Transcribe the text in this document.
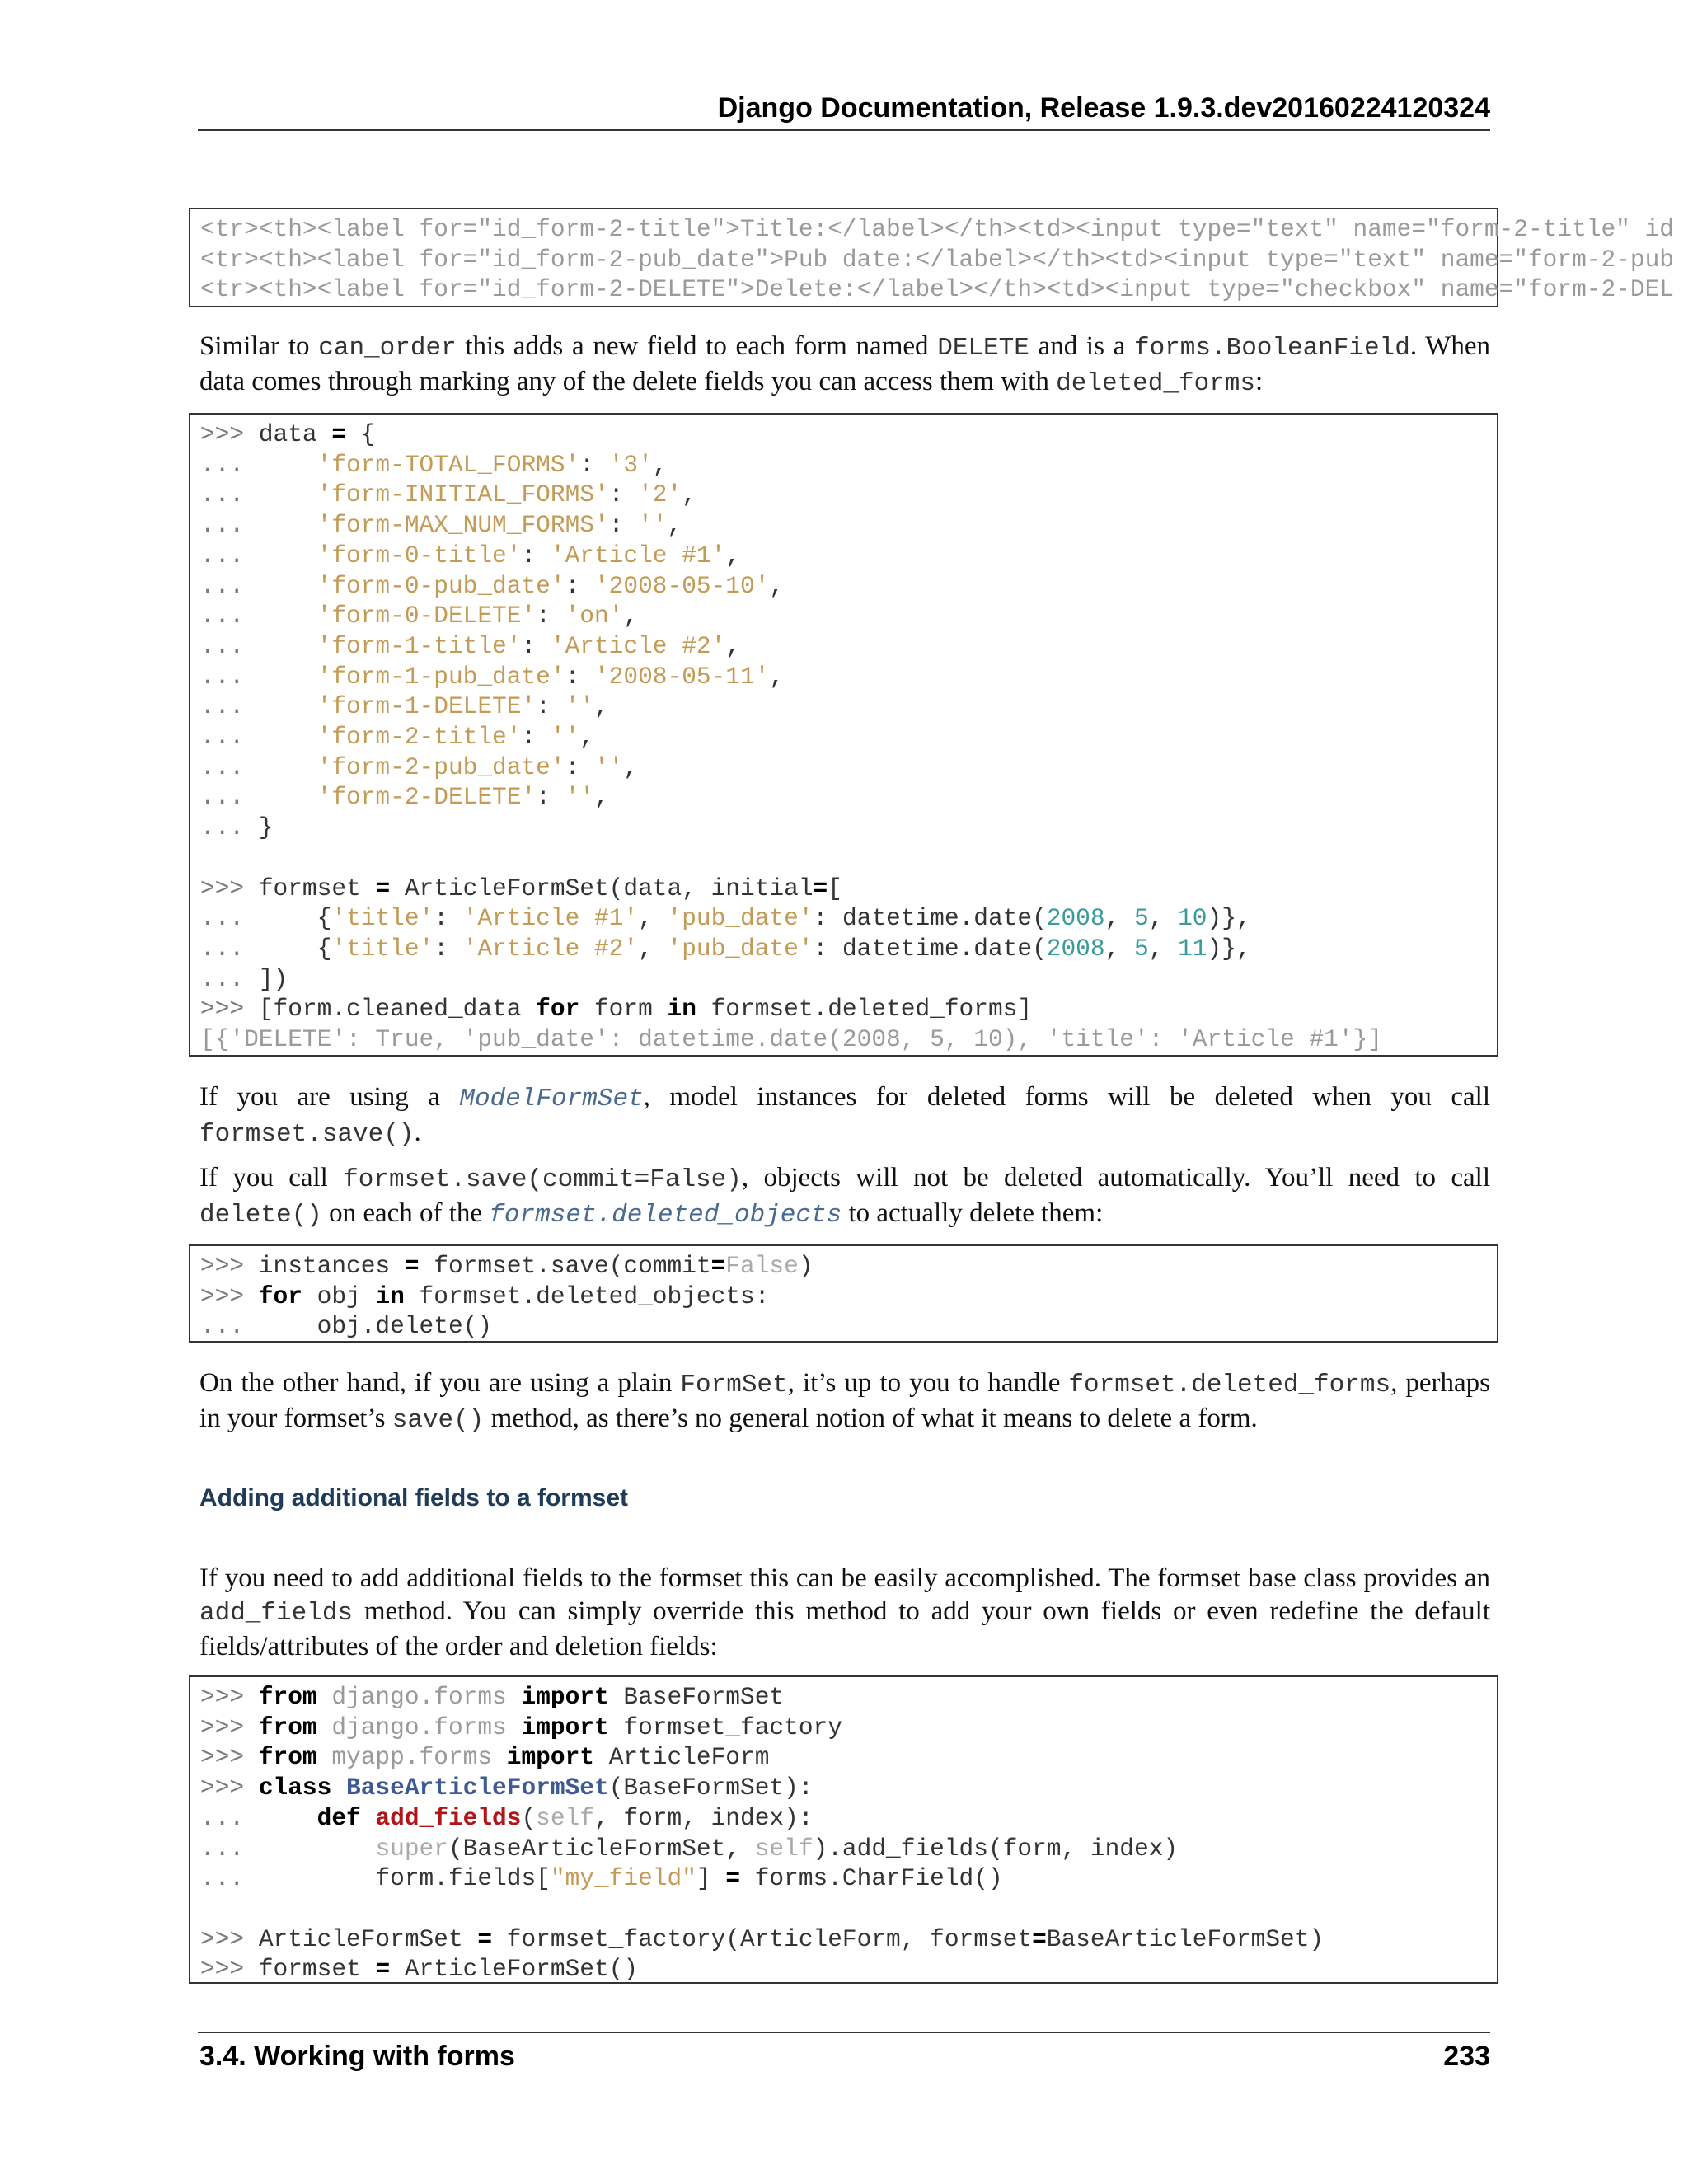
Django Documentation, Release 1.9.3.dev20160224120324
<tr><th><label for="id_form-2-title">Title:</label></th><td><input type="text" name="form-2-title" id
<tr><th><label for="id_form-2-pub_date">Pub date:</label></th><td><input type="text" name="form-2-pub
<tr><th><label for="id_form-2-DELETE">Delete:</label></th><td><input type="checkbox" name="form-2-DEL

Similar to can_order this adds a new field to each form named DELETE and is a forms.BooleanField. When data comes through marking any of the delete fields you can access them with deleted_forms:

>>> data = {
...	'form-TOTAL_FORMS': '3',
...	'form-INITIAL_FORMS': '2',
...	'form-MAX_NUM_FORMS': '',
...	'form-0-title': 'Article #1',
...	'form-0-pub_date': '2008-05-10',
...	'form-0-DELETE': 'on',
...	'form-1-title': 'Article #2',
...	'form-1-pub_date': '2008-05-11',
...	'form-1-DELETE': '',
...	'form-2-title': '',
...	'form-2-pub_date': '',
...	'form-2-DELETE': '',
... }

>>> formset = ArticleFormSet(data, initial=[
...     {'title': 'Article #1', 'pub_date': datetime.date(2008, 5, 10)},
...     {'title': 'Article #2', 'pub_date': datetime.date(2008, 5, 11)},
... ])
>>> [form.cleaned_data for form in formset.deleted_forms]
[{'DELETE': True, 'pub_date': datetime.date(2008, 5, 10), 'title': 'Article #1'}]

If you are using a ModelFormSet, model instances for deleted forms will be deleted when you call formset.save().

If you call formset.save(commit=False), objects will not be deleted automatically. You’ll need to call delete() on each of the formset.deleted_objects to actually delete them:

>>> instances = formset.save(commit=False)
>>> for obj in formset.deleted_objects:
...	obj.delete()

On the other hand, if you are using a plain FormSet, it’s up to you to handle formset.deleted_forms, perhaps in your formset’s save() method, as there’s no general notion of what it means to delete a form.

Adding additional fields to a formset

If you need to add additional fields to the formset this can be easily accomplished. The formset base class provides an add_fields method. You can simply override this method to add your own fields or even redefine the default fields/attributes of the order and deletion fields:

>>> from django.forms import BaseFormSet
>>> from django.forms import formset_factory
>>> from myapp.forms import ArticleForm
>>> class BaseArticleFormSet(BaseFormSet):
...	def add_fields(self, form, index):
...	super(BaseArticleFormSet, self).add_fields(form, index)
...	form.fields["my_field"] = forms.CharField()

>>> ArticleFormSet = formset_factory(ArticleForm, formset=BaseArticleFormSet)
>>> formset = ArticleFormSet()
3.4. Working with forms	233
